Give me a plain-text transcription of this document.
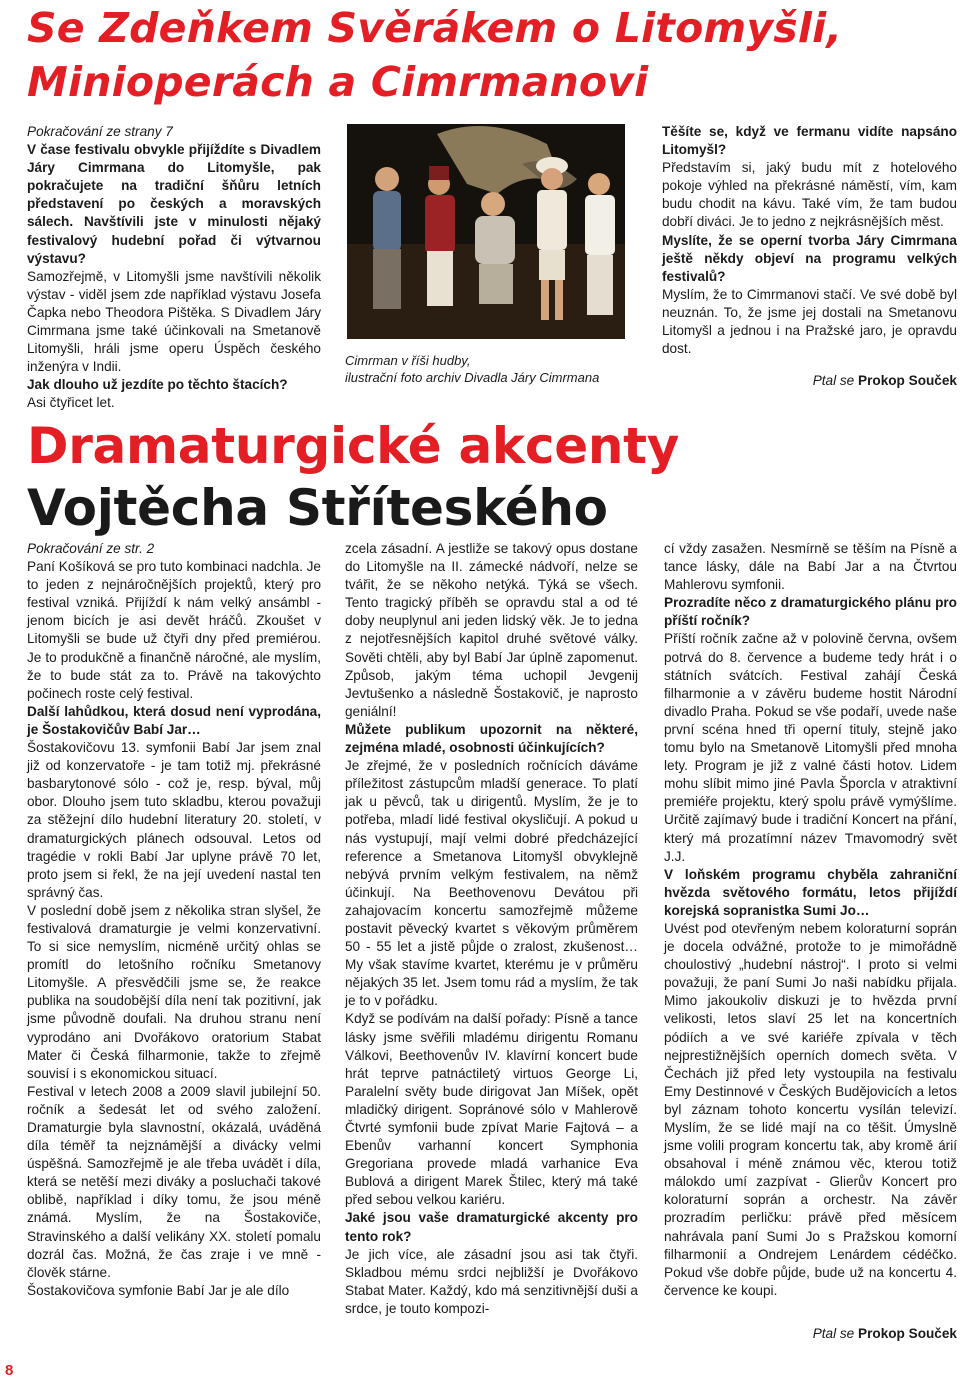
Se Zdeňkem Svěrákem o Litomyšli,
Minioperách a Cimrmanovi

Pokračování ze strany 7

V čase festivalu obvykle přijíždíte s Divadlem Járy Cimrmana do Litomyšle, pak pokračujete na tradiční šňůru letních představení po českých a moravských sálech. Navštívili jste v minulosti nějaký festivalový hudební pořad či výtvarnou výstavu?

Samozřejmě, v Litomyšli jsme navštívili několik výstav - viděl jsem zde například výstavu Josefa Čapka nebo Theodora Pištěka. S Divadlem Járy Cimrmana jsme také účinkovali na Smetanově Litomyšli, hráli jsme operu Úspěch českého inženýra v Indii.

Jak dlouho už jezdíte po těchto štacích?

Asi čtyřicet let.

Cimrman v říši hudby,
ilustrační foto archiv Divadla Járy Cimrmana

Těšíte se, když ve fermanu vidíte napsáno Litomyšl?

Představím si, jaký budu mít z hotelového pokoje výhled na překrásné náměstí, vím, kam budu chodit na kávu. Také vím, že tam budou dobří diváci. Je to jedno z nejkrásnějších měst.

Myslíte, že se operní tvorba Járy Cimrmana ještě někdy objeví na programu velkých festivalů?

Myslím, že to Cimrmanovi stačí. Ve své době byl neuznán. To, že jsme jej dostali na Smetanovu Litomyšl a jednou i na Pražské jaro, je opravdu dost.

Ptal se Prokop Souček

Dramaturgické akcenty
Vojtěcha Stříteského

Pokračování ze str. 2

Paní Košíková se pro tuto kombinaci nadchla. Je to jeden z nejnáročnějších projektů, který pro festival vzniká. Přijíždí k nám velký ansámbl - jenom bicích je asi devět hráčů. Zkoušet v Litomyšli se bude už čtyři dny před premiérou. Je to produkčně a finančně náročné, ale myslím, že to bude stát za to. Právě na takovýchto počinech roste celý festival.

Další lahůdkou, která dosud není vyprodána, je Šostakovičův Babí Jar…

Šostakovičovu 13. symfonii Babí Jar jsem znal již od konzervatoře - je tam totiž mj. překrásné basbarytonové sólo - což je, resp. býval, můj obor. Dlouho jsem tuto skladbu, kterou považuji za stěžejní dílo hudební literatury 20. století, v dramaturgických plánech odsouval. Letos od tragédie v rokli Babí Jar uplyne právě 70 let, proto jsem si řekl, že na její uvedení nastal ten správný čas.

V poslední době jsem z několika stran slyšel, že festivalová dramaturgie je velmi konzervativní. To si sice nemyslím, nicméně určitý ohlas se promítl do letošního ročníku Smetanovy Litomyšle. A přesvědčili jsme se, že reakce publika na soudobější díla není tak pozitivní, jak jsme původně doufali. Na druhou stranu není vyprodáno ani Dvořákovo oratorium Stabat Mater či Česká filharmonie, takže to zřejmě souvisí i s ekonomickou situací.

Festival v letech 2008 a 2009 slavil jubilejní 50. ročník a šedesát let od svého založení. Dramaturgie byla slavnostní, okázalá, uváděná díla téměř ta nejznámější a divácky velmi úspěšná. Samozřejmě je ale třeba uvádět i díla, která se netěší mezi diváky a posluchači takové oblibě, například i díky tomu, že jsou méně známá. Myslím, že na Šostakoviče, Stravinského a další velikány XX. století pomalu dozrál čas. Možná, že čas zraje i ve mně - člověk stárne.

Šostakovičova symfonie Babí Jar je ale dílo

zcela zásadní. A jestliže se takový opus dostane do Litomyšle na II. zámecké nádvoří, nelze se tvářit, že se někoho netýká. Týká se všech. Tento tragický příběh se opravdu stal a od té doby neuplynul ani jeden lidský věk. Je to jedna z nejotřesnějších kapitol druhé světové války. Sověti chtěli, aby byl Babí Jar úplně zapomenut. Způsob, jakým téma uchopil Jevgenij Jevtušenko a následně Šostakovič, je naprosto geniální!

Můžete publikum upozornit na některé, zejména mladé, osobnosti účinkujících?

Je zřejmé, že v posledních ročnících dáváme příležitost zástupcům mladší generace. To platí jak u pěvců, tak u dirigentů. Myslím, že je to potřeba, mladí lidé festival okysličují. A pokud u nás vystupují, mají velmi dobré předcházející reference a Smetanova Litomyšl obvyklejně nebývá prvním velkým festivalem, na němž účinkují. Na Beethovenovu Devátou při zahajovacím koncertu samozřejmě můžeme postavit pěvecký kvartet s věkovým průměrem 50 - 55 let a jistě půjde o zralost, zkušenost… My však stavíme kvartet, kterému je v průměru nějakých 35 let. Jsem tomu rád a myslím, že tak je to v pořádku.

Když se podívám na další pořady: Písně a tance lásky jsme svěřili mladému dirigentu Romanu Válkovi, Beethovenův IV. klavírní koncert bude hrát teprve patnáctiletý virtuos George Li, Paralelní světy bude dirigovat Jan Míšek, opět mladičký dirigent. Sopránové sólo v Mahlerově Čtvrté symfonii bude zpívat Marie Fajtová – a Ebenův varhanní koncert Symphonia Gregoriana provede mladá varhanice Eva Bublová a dirigent Marek Štilec, který má také před sebou velkou kariéru.

Jaké jsou vaše dramaturgické akcenty pro tento rok?

Je jich více, ale zásadní jsou asi tak čtyři. Skladbou mému srdci nejbližší je Dvořákovo Stabat Mater. Každý, kdo má senzitivnější duši a srdce, je touto kompozi-

cí vždy zasažen. Nesmírně se těším na Písně a tance lásky, dále na Babí Jar a na Čtvrtou Mahlerovu symfonii.

Prozradíte něco z dramaturgického plánu pro příští ročník?

Příští ročník začne až v polovině června, ovšem potrvá do 8. července a budeme tedy hrát i o státních svátcích. Festival zahájí Česká filharmonie a v závěru budeme hostit Národní divadlo Praha. Pokud se vše podaří, uvede naše první scéna hned tři operní tituly, stejně jako tomu bylo na Smetanově Litomyšli před mnoha lety. Program je již z valné části hotov. Lidem mohu slíbit mimo jiné Pavla Šporcla v atraktivní premiéře projektu, který spolu právě vymýšlíme. Určitě zajímavý bude i tradiční Koncert na přání, který má prozatímní název Tmavomodrý svět J.J.

V loňském programu chyběla zahraniční hvězda světového formátu, letos přijíždí korejská sopranistka Sumi Jo…

Uvést pod otevřeným nebem koloraturní soprán je docela odvážné, protože to je mimořádně choulostivý „hudební nástroj“. I proto si velmi považuji, že paní Sumi Jo naši nabídku přijala. Mimo jakoukoliv diskuzi je to hvězda první velikosti, letos slaví 25 let na koncertních pódiích a ve své kariéře zpívala v těch nejprestižnějších operních domech světa. V Čechách již před lety vystoupila na festivalu Emy Destinnové v Českých Budějovicích a letos byl záznam tohoto koncertu vysílán televizí. Myslím, že se lidé mají na co těšit. Úmyslně jsme volili program koncertu tak, aby kromě árií obsahoval i méně známou věc, kterou totiž málokdo umí zazpívat - Glierův Koncert pro koloraturní soprán a orchestr. Na závěr prozradím perličku: právě před měsícem nahrávala paní Sumi Jo s Pražskou komorní filharmonií a Ondrejem Lenárdem cédéčko. Pokud vše dobře půjde, bude už na koncertu 4. července ke koupi.

Ptal se Prokop Souček

8
